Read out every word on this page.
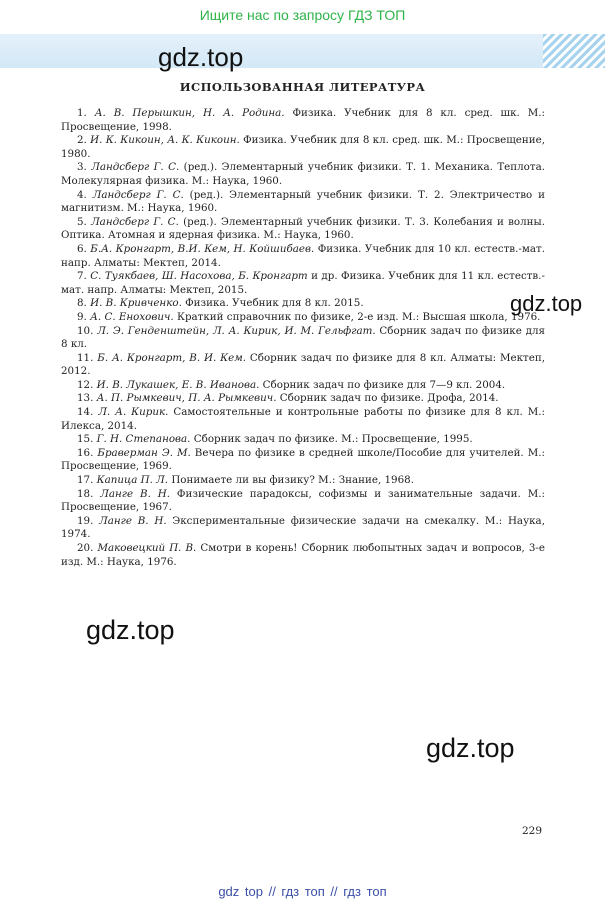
Ищите нас по запросу ГДЗ ТОП
gdz.top
ИСПОЛЬЗОВАННАЯ ЛИТЕРАТУРА
1. А. В. Перышкин, Н. А. Родина. Физика. Учебник для 8 кл. сред. шк. М.: Просвещение, 1998.
2. И. К. Кикоин, А. К. Кикоин. Физика. Учебник для 8 кл. сред. шк. М.: Просвещение, 1980.
3. Ландсберг Г. С. (ред.). Элементарный учебник физики. Т. 1. Механика. Теплота. Молекулярная физика. М.: Наука, 1960.
4. Ландсберг Г. С. (ред.). Элементарный учебник физики. Т. 2. Электричество и магнитизм. М.: Наука, 1960.
5. Ландсберг Г. С. (ред.). Элементарный учебник физики. Т. 3. Колебания и волны. Оптика. Атомная и ядерная физика. М.: Наука, 1960.
6. Б.А. Кронгарт, В.И. Кем, Н. Койшибаев. Физика. Учебник для 10 кл. естеств.-мат. напр. Алматы: Мектеп, 2014.
7. С. Туякбаев, Ш. Насохова, Б. Кронгарт и др. Физика. Учебник для 11 кл. естеств.-мат. напр. Алматы: Мектеп, 2015.
8. И. В. Кривченко. Физика. Учебник для 8 кл. 2015.
9. А. С. Енохович. Краткий справочник по физике, 2-е изд. М.: Высшая школа, 1976.
10. Л. Э. Генденштейн, Л. А. Кирик, И. М. Гельфгат. Сборник задач по физике для 8 кл.
11. Б. А. Кронгарт, В. И. Кем. Сборник задач по физике для 8 кл. Алматы: Мектеп, 2012.
12. И. В. Лукашек, Е. В. Иванова. Сборник задач по физике для 7—9 кл. 2004.
13. А. П. Рымкевич, П. А. Рымкевич. Сборник задач по физике. Дрофа, 2014.
14. Л. А. Кирик. Самостоятельные и контрольные работы по физике для 8 кл. М.: Илекса, 2014.
15. Г. Н. Степанова. Сборник задач по физике. М.: Просвещение, 1995.
16. Браверман Э. М. Вечера по физике в средней школе/Пособие для учителей. М.: Просвещение, 1969.
17. Капица П. Л. Понимаете ли вы физику? М.: Знание, 1968.
18. Ланге В. Н. Физические парадоксы, софизмы и занимательные задачи. М.: Просвещение, 1967.
19. Ланге В. Н. Экспериментальные физические задачи на смекалку. М.: Наука, 1974.
20. Маковецкий П. В. Смотри в корень! Сборник любопытных задач и вопросов, 3-е изд. М.: Наука, 1976.
gdz.top
gdz.top
gdz.top
229
gdz top // гдз топ // гдз топ
